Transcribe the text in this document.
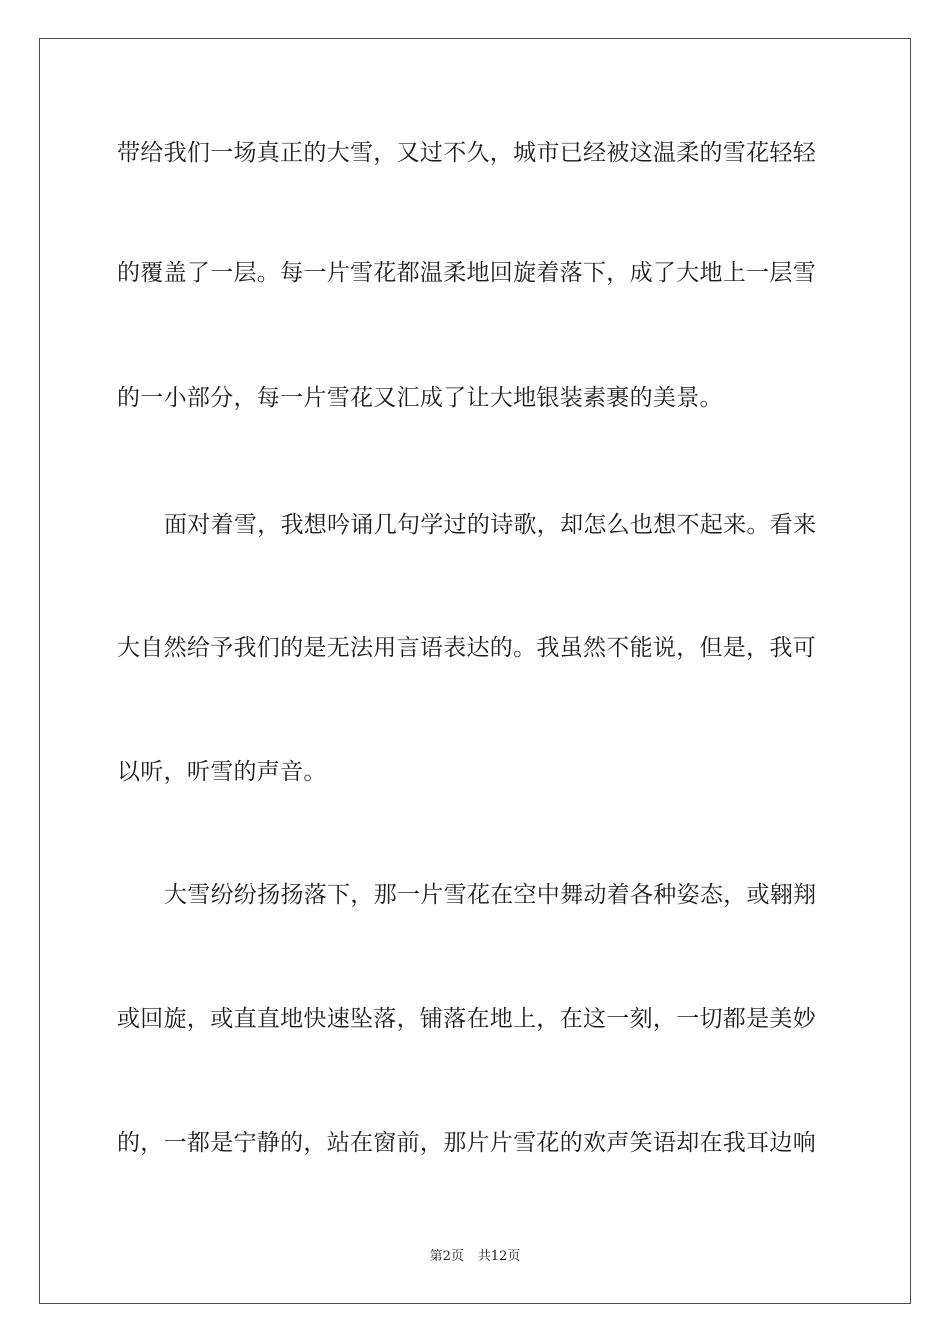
带给我们一场真正的大雪，又过不久，城市已经被这温柔的雪花轻轻
的覆盖了一层。每一片雪花都温柔地回旋着落下，成了大地上一层雪
的一小部分，每一片雪花又汇成了让大地银装素裹的美景。
面对着雪，我想吟诵几句学过的诗歌，却怎么也想不起来。看来
大自然给予我们的是无法用言语表达的。我虽然不能说，但是，我可
以听，听雪的声音。
大雪纷纷扬扬落下，那一片雪花在空中舞动着各种姿态，或翱翔
或回旋，或直直地快速坠落，铺落在地上，在这一刻，一切都是美妙
的，一都是宁静的，站在窗前，那片片雪花的欢声笑语却在我耳边响
第2页 共12页
